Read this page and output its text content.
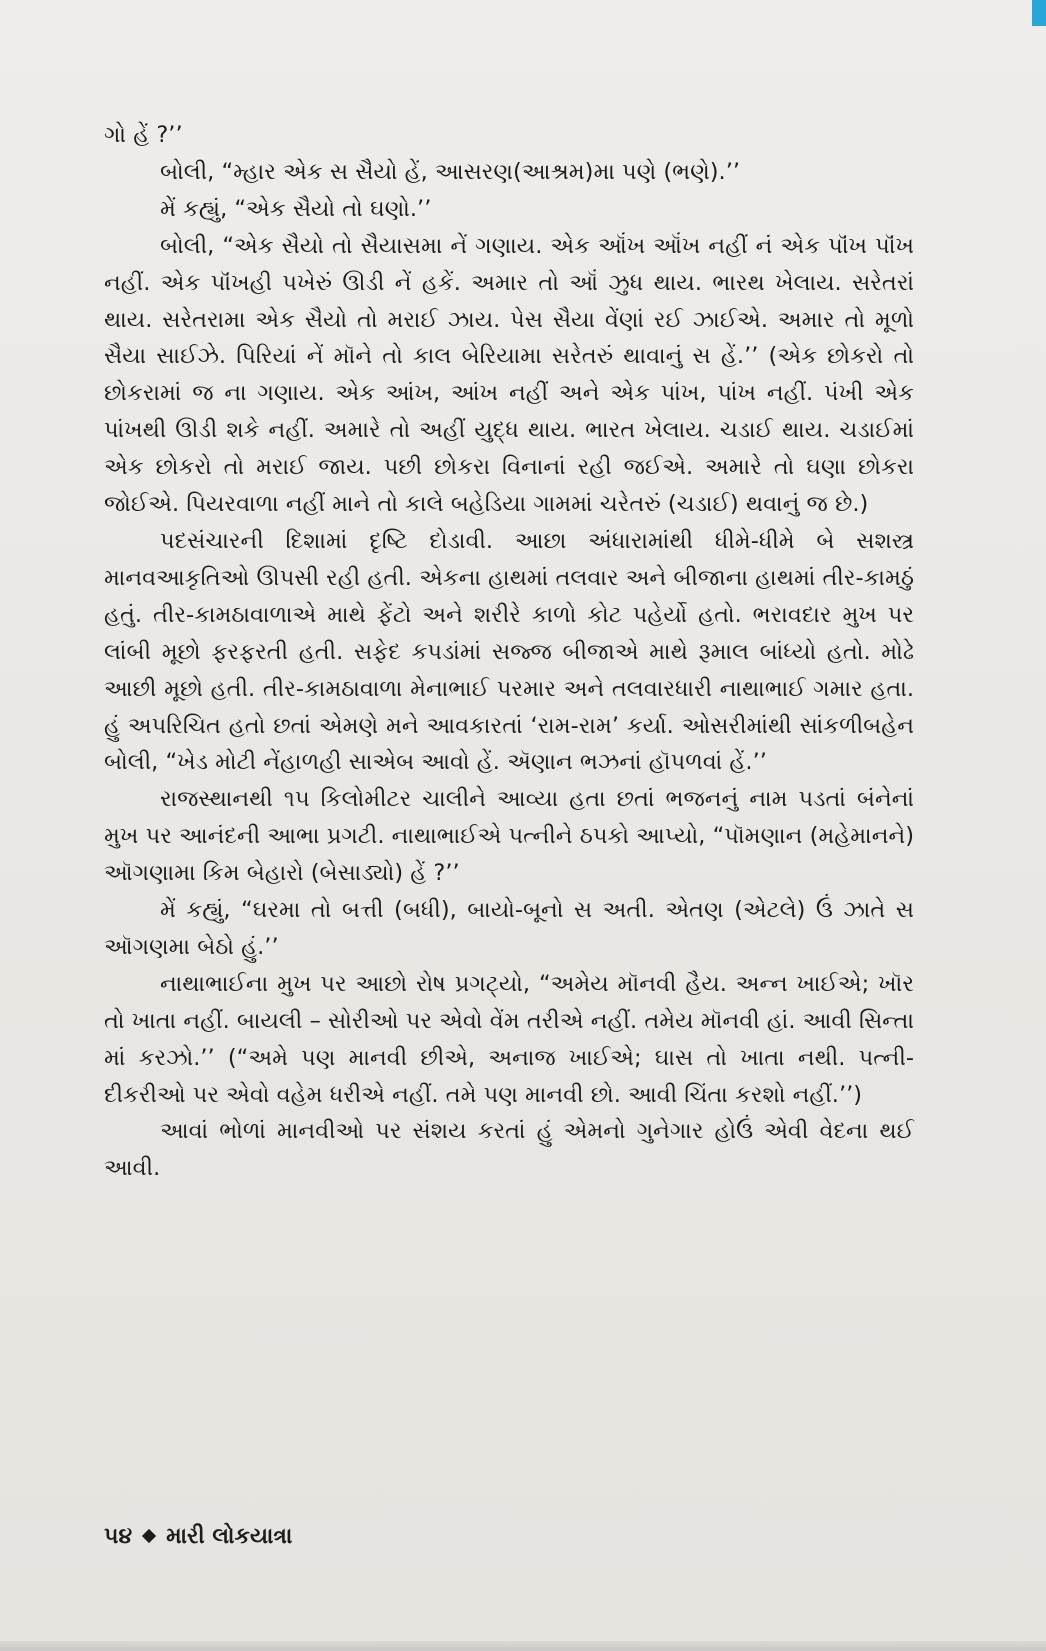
ગો હેં ?’’

બોલી, “મ્હાર એક સ સૈયો હેં, આસરણ(આશ્રમ)મા પણે (ભણે).’’

મેં કહ્યું, “એક સૈયો તો ઘણો.’’

બોલી, “એક સૈયો તો સૈયાસમા નેં ગણાય. એક ઑંખ ઑંખ નહીં નં એક પૉંખ પૉંખ નહીં. એક પૉંખહી પખેરું ઊડી નેં હકેં. અમાર તો ઑં ઝુધ થાય. ભારથ ખેલાય. સરેતરાં થાય. સરેતરામા એક સૈયો તો મરાઈ ઝાય. પેસ સૈયા વેંણાં રઈ ઝાઈએ. અમાર તો મૂળો સૈયા સાઈઝે. પિરિયાં નેં મૉને તો કાલ બેરિયામા સરેતરું થાવાનું સ હેં.’’ (એક છોકરો તો છોકરામાં જ ના ગણાય. એક આંખ, આંખ નહીં અને એક પાંખ, પાંખ નહીં. પંખી એક પાંખથી ઊડી શકે નહીં. અમારે તો અહીં યુદ્ધ થાય. ભારત ખેલાય. ચડાઈ થાય. ચડાઈમાં એક છોકરો તો મરાઈ જાય. પછી છોકરા વિનાનાં રહી જઈએ. અમારે તો ઘણા છોકરા જોઈએ. પિયરવાળા નહીં માને તો કાલે બહેડિયા ગામમાં ચરેતરું (ચડાઈ) થવાનું જ છે.)

પદસંચારની દિશામાં દૃષ્ટિ દોડાવી. આછા અંધારામાંથી ધીમે-ધીમે બે સશસ્ત્ર માનવઆકૃતિઓ ઊપસી રહી હતી. એકના હાથમાં તલવાર અને બીજાના હાથમાં તીર-કામઠું હતું. તીર-કામઠાવાળાએ માથે ફેંટો અને શરીરે કાળો કોટ પહેર્યો હતો. ભરાવદાર મુખ પર લાંબી મૂછો ફરફરતી હતી. સફેદ કપડાંમાં સજ્જ બીજાએ માથે રૂમાલ બાંધ્યો હતો. મોઢે આછી મૂછો હતી. તીર-કામઠાવાળા મેનાભાઈ પરમાર અને તલવારધારી નાથાભાઈ ગમાર હતા. હું અપરિચિત હતો છતાં એમણે મને આવકારતાં ‘રામ-રામ’ કર્યા. ઓસરીમાંથી સાંકળીબહેન બોલી, “ખેડ મોટી નેંહાળહી સાએબ આવો હેં. ઍણાન ભઝનાં હૉપળવાં હેં.’’

રાજસ્થાનથી ૧૫ કિલોમીટર ચાલીને આવ્યા હતા છતાં ભજનનું નામ પડતાં બંનેનાં મુખ પર આનંદની આભા પ્રગટી. નાથાભાઈએ પત્નીને ઠપકો આપ્યો, “પૉમણાન (મહેમાનને) ઑગણામા કિમ બેહારો (બેસાડ્યો) હેં ?’’

મેં કહ્યું, “ઘરમા તો બત્તી (બધી), બાયો-બૂનો સ અતી. એતણ (એટલે) ઉં ઝાતે સ ઑગણમા બેઠો હું.’’

નાથાભાઈના મુખ પર આછો રોષ પ્રગટ્યો, “અમેય મૉનવી હૈય. અન્ન ખાઈએ; ખૉર તો ખાતા નહીં. બાયલી – સોરીઓ પર એવો વેંમ તરીએ નહીં. તમેય મૉનવી હાં. આવી સિન્તા માં કરઝો.’’ (“અમે પણ માનવી છીએ, અનાજ ખાઈએ; ઘાસ તો ખાતા નથી. પત્ની-દીકરીઓ પર એવો વહેમ ધરીએ નહીં. તમે પણ માનવી છો. આવી ચિંતા કરશો નહીં.’’)

આવાં ભોળાં માનવીઓ પર સંશય કરતાં હું એમનો ગુનેગાર હોઉં એવી વેદના થઈ આવી.

૫૪ મારી લોકયાત્રા
